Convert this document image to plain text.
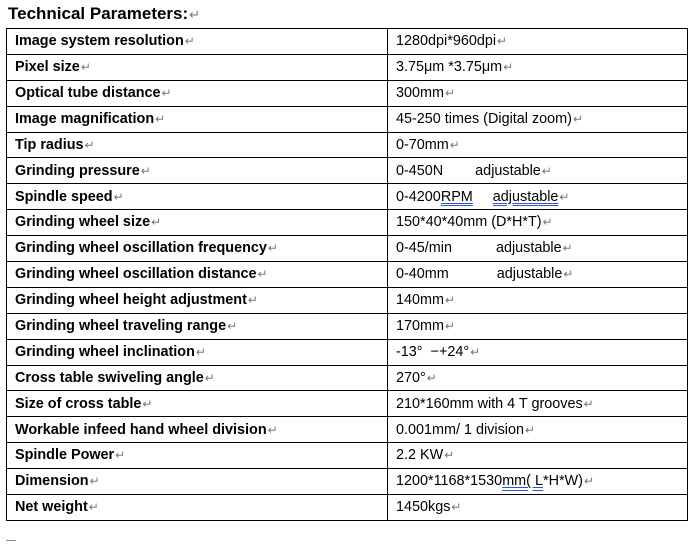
Technical Parameters:↵
Image system resolution↵	1280dpi*960dpi↵
Pixel size↵	3.75μm *3.75μm↵
Optical tube distance↵	300mm↵
Image magnification↵	45-250 times (Digital zoom)↵
Tip radius↵	0-70mm↵
Grinding pressure↵	0-450N        adjustable↵
Spindle speed↵	0-4200RPM adjustable↵
Grinding wheel size↵	150*40*40mm (D*H*T)↵
Grinding wheel oscillation frequency↵	0-45/min           adjustable↵
Grinding wheel oscillation distance↵	0-40mm            adjustable↵
Grinding wheel height adjustment↵	140mm↵
Grinding wheel traveling range↵	170mm↵
Grinding wheel inclination↵	-13°  −+24°↵
Cross table swiveling angle↵	270°↵
Size of cross table↵	210*160mm with 4 T grooves↵
Workable infeed hand wheel division↵	0.001mm/ 1 division↵
Spindle Power↵	2.2 KW↵
Dimension↵	1200*1168*1530mm( L*H*W)↵
Net weight↵	1450kgs↵
